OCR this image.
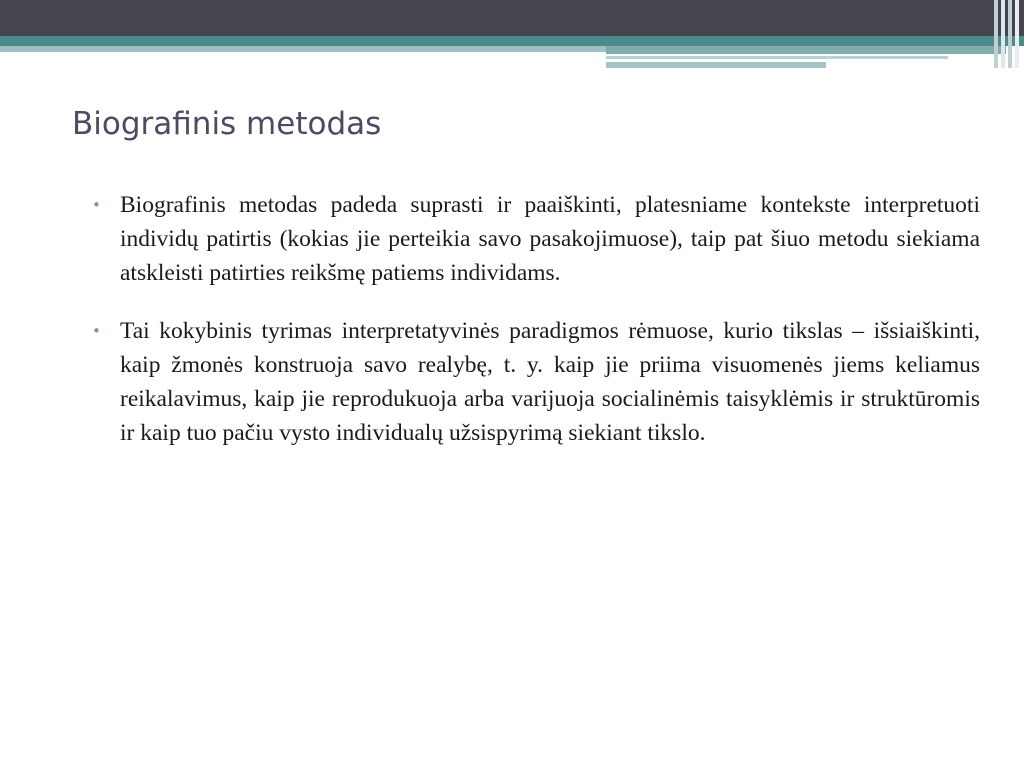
Biografinis metodas
• Biografinis metodas padeda suprasti ir paaiškinti, platesniame kontekste interpretuoti individų patirtis (kokias jie perteikia savo pasakojimuose), taip pat šiuo metodu siekiama atskleisti patirties reikšmę patiems individams.
• Tai kokybinis tyrimas interpretatyvinės paradigmos rėmuose, kurio tikslas – išsiaiškinti, kaip žmonės konstruoja savo realybę, t. y. kaip jie priima visuomenės jiems keliamus reikalavimus, kaip jie reprodukuoja arba varijuoja socialinėmis taisyklėmis ir struktūromis ir kaip tuo pačiu vysto individualų užsispyrimą siekiant tikslo.
